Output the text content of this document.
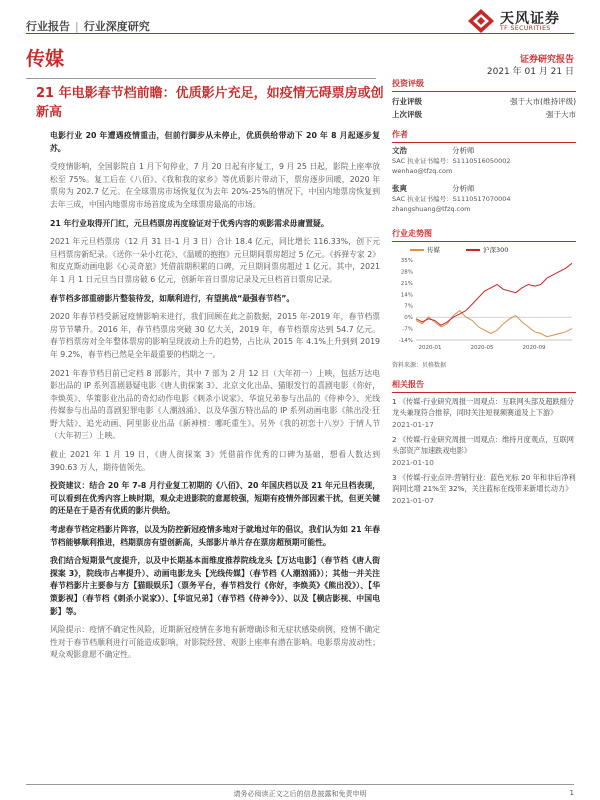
行业报告 | 行业深度研究	天风证券
TF SECURITIES
传媒	证券研究报告
2021 年 01 月 21 日
21 年电影春节档前瞻：优质影片充足，如疫情无碍票房或创新高

电影行业 20 年遭遇疫情重击，但前行脚步从未停止，优质供给带动下 20 年 8 月起逐步复苏。

受疫情影响，全国影院自 1 月下旬停业，7 月 20 日起有序复工，9 月 25 日起，影院上座率放松至 75%。复工后在《八佰》、《我和我的家乡》等优质影片带动下，票房逐步回暖，2020 年票房为 202.7 亿元。在全球票房市场恢复仅为去年 20%-25%的情况下，中国内地票房恢复到去年三成，中国内地票房市场首度成为全球票房最高的市场。

21 年行业取得开门红，元旦档票房再度验证对于优秀内容的观影需求毋庸置疑。

2021 年元旦档票房（12 月 31 日-1 月 3 日）合计 18.4 亿元，同比增长 116.33%，创下元旦档票房新纪录。《送你一朵小红花》、《温暖的抱抱》元旦期间票房超过 5 亿元。《拆弹专家 2》和皮克斯动画电影《心灵奇旅》凭借前期积累的口碑，元旦期间票房超过 1 亿元。其中，2021 年 1 月 1 日元旦当日票房破 6 亿元，创新年首日票房记录及元旦档首日票房记录。

春节档多部重磅影片整装待发，如顺利进行，有望挑战“最强春节档”。

2020 年春节档受新冠疫情影响未进行，我们回顾在此之前数据，2015 年-2019 年，春节档票房节节攀升。2016 年，春节档票房突破 30 亿大关，2019 年，春节档票房达到 54.7 亿元。春节档票房对全年整体票房的影响呈现波动上升的趋势，占比从 2015 年 4.1%上升到到 2019 年 9.2%，春节档已然是全年最重要的档期之一。

2021 年春节档目前已定档 8 部影片，其中 7 部为 2 月 12 日（大年初一）上映，包括万达电影出品的 IP 系列喜剧悬疑电影《唐人街探案 3》、北京文化出品、猫眼发行的喜剧电影《你好，李焕英》、华策影业出品的奇幻动作电影《刺杀小说家》、华谊兄弟参与出品的《侍神令》、光线传媒参与出品的喜剧犯罪电影《人潮汹涌》、以及华强方特出品的 IP 系列动画电影《熊出没·狂野大陆》、追光动画、阿里影业出品《新神榜：哪吒重生》。另外《我的初恋十八岁》于情人节（大年初三）上映。

截止 2021 年 1 月 19 日，《唐人街探案 3》凭借前作优秀的口碑为基础，想看人数达到 390.63 万人，期待值领先。

投资建议：结合 20 年 7-8 月行业复工初期的《八佰》、20 年国庆档以及 21 年元旦档表现，可以看到在优秀内容上映时期，观众走进影院的意愿较强，短期有疫情外部因素干扰，但更关键的还是在于是否有优质的影片供给。

考虑春节档定档影片阵容，以及为防控新冠疫情多地对于就地过年的倡议，我们认为如 21 年春节档能够顺利推进，档期票房有望创新高，头部影片单片存在票房超预期可能性。

我们结合短期景气度提升，以及中长期基本面维度推荐院线龙头【万达电影】（春节档《唐人街探案 3》，院线市占率提升）、动画电影龙头【光线传媒】（春节档《人潮汹涌》）；其他一并关注春节档影片主要参与方【猫眼娱乐】（票务平台，春节档发行《你好，李焕英》《熊出没》）、【华策影视】（春节档《刺杀小说家》）、【华谊兄弟】（春节档《侍神令》）、以及【横店影视、中国电影】等。

风险提示：疫情不确定性风险，近期新冠疫情在多地有新增确诊和无症状感染病例，疫情不确定性对于春节档顺利进行可能造成影响，对影院经营、观影上座率有潜在影响。电影票房波动性；观众观影意愿不确定性。

投资评级
行业评级	强于大市(维持评级)
上次评级	强于大市
作者
文浩	分析师
SAC 执业证书编号：S1110516050002
wenhao@tfzq.com
张爽	分析师
SAC 执业证书编号：S1110517070004
zhangshuang@tfzq.com
行业走势图
传媒	沪深300
35%
28%
21%
14%
7%
0%
-7%
-14%
2020-01	2020-05	2020-09
资料来源：贝格数据
相关报告
1 《传媒-行业研究周报一周观点：互联网头部及超跌细分龙头兼现符合推荐，同时关注短视频赛道及上下游》
2021-01-17
2 《传媒-行业研究周报一周观点：维持月度观点，互联网头部资产加速跌戏电影》
2021-01-10
3 《传媒-行业点评:营销行业：蓝色光标 20 年和非后净利润同比增 21%至 32%，关注蓝标在线带来新增长动力》
2021-01-07
请务必阅读正文之后的信息披露和免责申明	1
